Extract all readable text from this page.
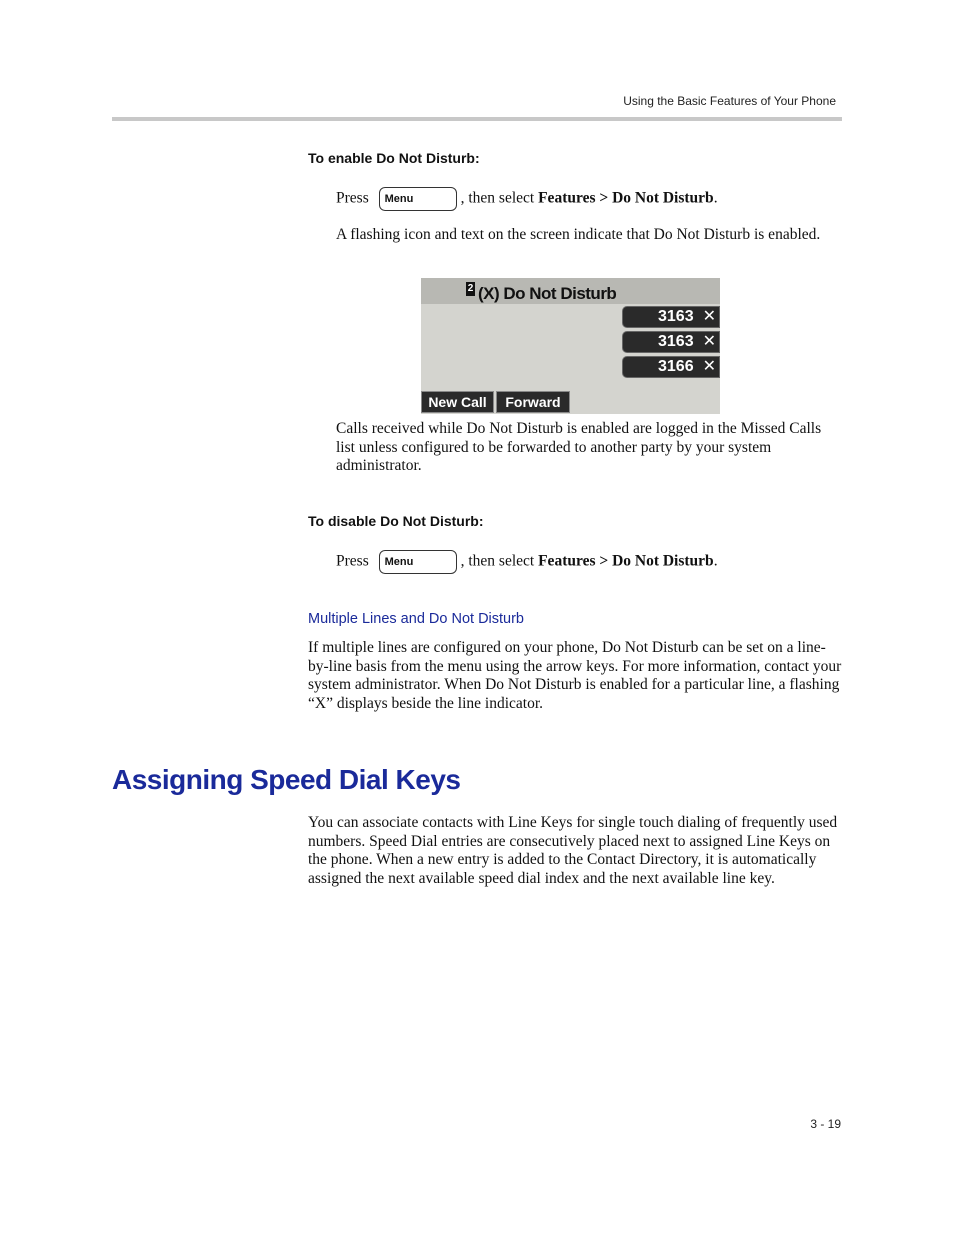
Using the Basic Features of Your Phone
To enable Do Not Disturb:
Press Menu	, then select Features > Do Not Disturb.
A flashing icon and text on the screen indicate that Do Not Disturb is enabled.
2 (X) Do Not Disturb
3163 ✕
3163 ✕
3166 ✕
New Call	Forward
Calls received while Do Not Disturb is enabled are logged in the Missed Calls list unless configured to be forwarded to another party by your system administrator.
To disable Do Not Disturb:
Press Menu	, then select Features > Do Not Disturb.
Multiple Lines and Do Not Disturb
If multiple lines are configured on your phone, Do Not Disturb can be set on a line-by-line basis from the menu using the arrow keys. For more information, contact your system administrator. When Do Not Disturb is enabled for a particular line, a flashing “X” displays beside the line indicator.
Assigning Speed Dial Keys
You can associate contacts with Line Keys for single touch dialing of frequently used numbers. Speed Dial entries are consecutively placed next to assigned Line Keys on the phone. When a new entry is added to the Contact Directory, it is automatically assigned the next available speed dial index and the next available line key.
3 - 19
